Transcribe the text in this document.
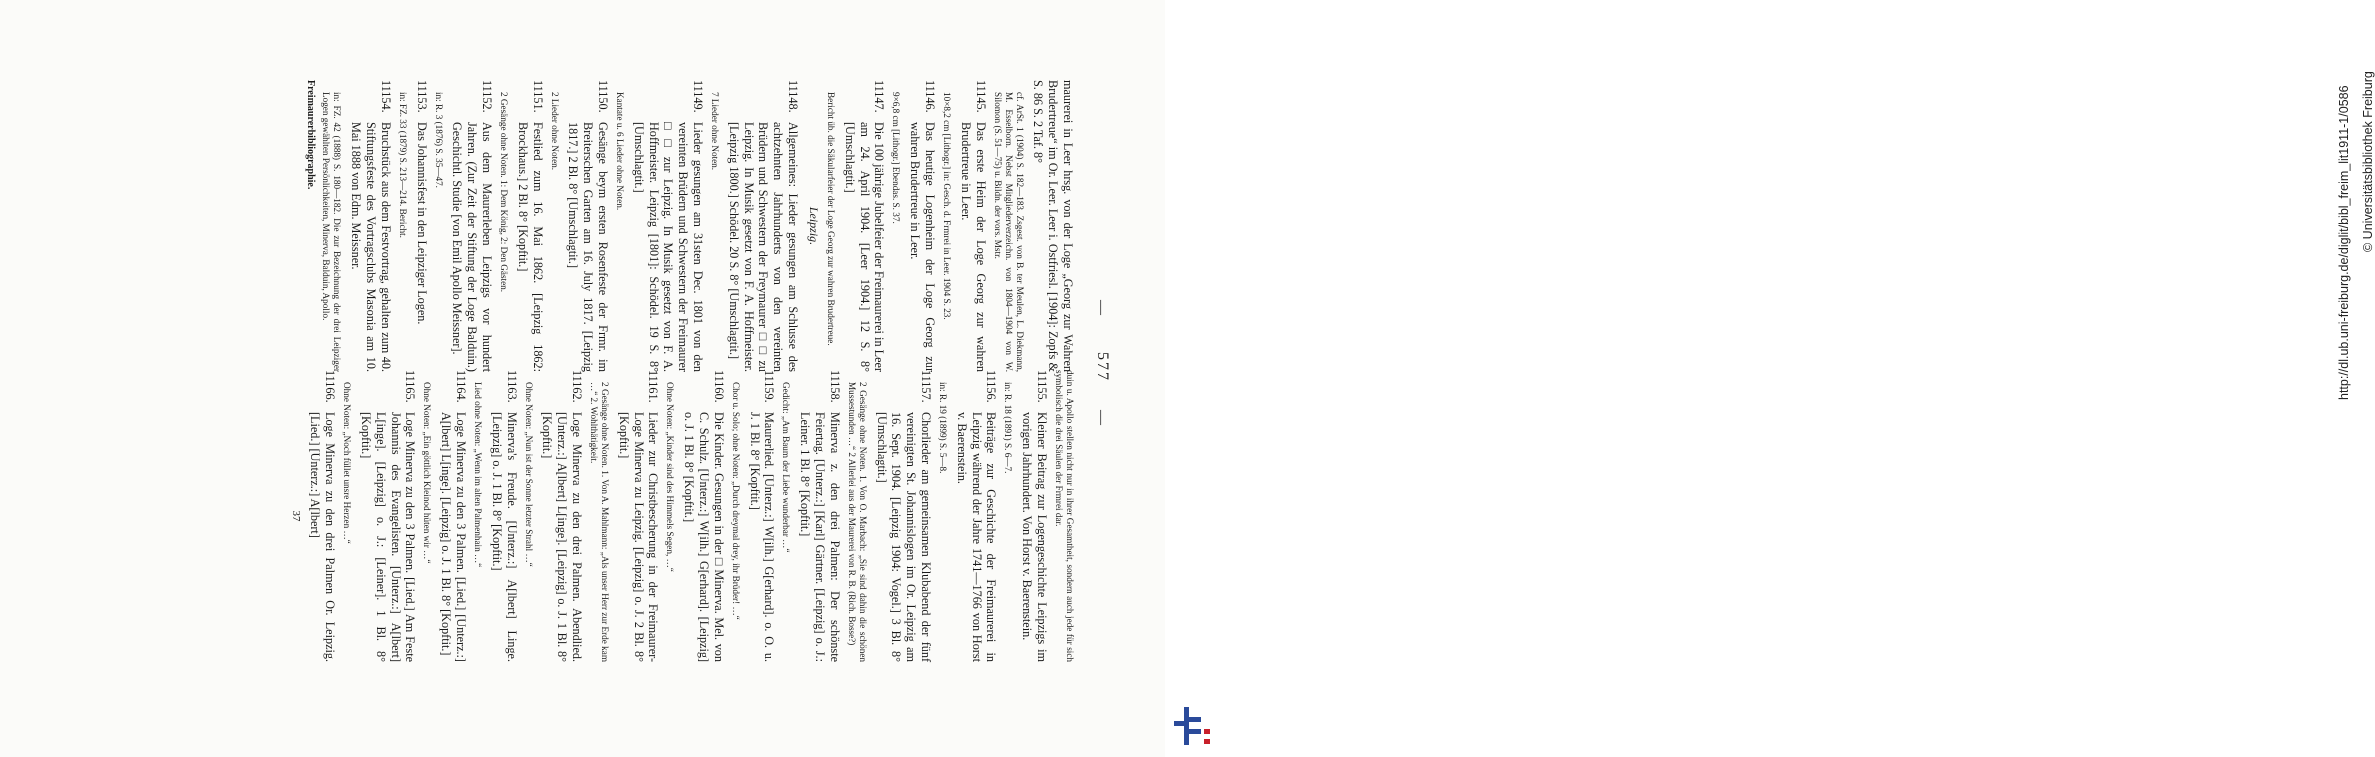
—
577
—

maurerei in Leer hrsg. von der Loge „Georg zur Wahren Brudertreue“ im Or. Leer. Leer i. Ostfriesl. [1904]: Zopfs & S. 86 S. 2 Taf. 8°

cf. ArSt. 1 (1904) S. 182—183. Zsgest. von B. ter Meulen, L. Diekmann, M. Esselborn. Nebst Mitgliederverzeichn. von 1804—1904 von W. Silomon (S. 51—75) u. Bildn. der vors. Mstr.

11145.Das erste Heim der Loge Georg zur wahren Brudertreue in Leer.

10×8,2 cm [Lithogr.] in: Gesch. d. Frmrei in Leer. 1904 S. 23.

11146.Das heutige Logenheim der Loge Georg zur wahren Brudertreue in Leer.

9×6,8 cm [Lithogr.] Ebendas. S. 37.

11147.Die 100 jährige Jubelfeier der Freimaurerei in Leer am 24. April 1904. [Leer 1904.] 12 S. 8° [Umschlagtit.]

Bericht üb. die Säkularfeier der Loge Georg zur wahren Brudertreue.

Leipzig.

11148.Allgemeines: Lieder gesungen am Schlusse des achtzehnten Jahrhunderts von den vereinten Brüdern und Schwestern der Freymaurer □ □ zu Leipzig. In Musik gesetzt von F. A. Hoffmeister. [Leipzig 1800.] Schödel. 20 S. 8° [Umschlagtit.]

7 Lieder ohne Noten.

11149.Lieder gesungen am 31sten Dec. 1801 von den vereinten Brüdern und Schwestern der Freimaurer □ □ zur Leipzig. In Musik gesetzt von F. A. Hoffmeister. Leipzig [1801]: Schödel. 19 S. 8° [Umschlagtit.]

Kantate u. 6 Lieder ohne Noten.

11150.Gesänge beym ersten Rosenfeste der Frmr. im Breiterschen Garten am 16. July 1817. [Leipzig 1817.] 2 Bl. 8° [Umschlagtit.]

2 Lieder ohne Noten.

11151.Festlied zum 16. Mai 1862. [Leipzig 1862: Brockhaus.] 2 Bl. 8° [Kopftit.]

2 Gesänge ohne Noten. 1: Dem König, 2: Den Gästen.

11152.Aus dem Maurerleben Leipzigs vor hundert Jahren. (Zur Zeit der Stiftung der Loge Balduin.) Geschichtl. Studie [von Emil Apollo Meissner].

in: R. 3 (1876) S. 35—47.

11153.Das Johannisfest in den Leipziger Logen.

in: FZ. 33 (1879) S. 213—214. Bericht.

11154.Bruchstück aus dem Festvortrag, gehalten zum 40. Stiftungsfeste des Vortragsclubs Masonia am 10. Mai 1888 von Edm. Meissner.

in: FZ. 42 (1888) S. 180—182. Die zur Bezeichnung der drei Leipziger Logen gewählten Persönlichkeiten, Minerva, Balduin, Apollo.

Freimaurerbibliographie.

duin u. Apollo stellen nicht nur in ihrer Gesamtheit, sondern auch jede für sich symbolisch die drei Säulen der Frmrei dar.

11155.Kleiner Beitrag zur Logengeschichte Leipzigs im vorigen Jahrhundert. Von Horst v. Baerenstein.

in: R. 18 (1891) S. 6—7.

11156.Beiträge zur Geschichte der Freimaurerei in Leipzig während der Jahre 1741—1766 von Horst v. Baerenstein.

in: R. 19 (1899) S. 5—8.

11157.Chorlieder am gemeinsamen Klubabend der fünf vereinigten St. Johannislogen im Or. Leipzig am 16. Sept. 1904. [Leipzig 1904: Vogel.] 3 Bl. 8° [Umschlagtit.]

2 Gesänge ohne Noten. 1. Von O. Marbach: „Sie sind dahin die schönen Mussestunden …“ 2 Allerlei aus der Maurerei von R. B. (Rich. Bosse?)

11158.Minerva z. den drei Palmen: Der schönste Feiertag. [Unterz.:] [Karl] Gärtner. [Leipzig] o. J.: Leiner. 1 Bl. 8° [Kopftit.]

Gedicht: „Am Baum der Liebe wunderbar …“

11159.Maurerlied. [Unterz.:] W[ilh.] G[erhard]. o. O. u. J. 1 Bl. 8° [Kopftit.]

Chor u. Solo; ohne Noten: „Durch dreymal drey, ihr Brüder! …“

11160.Die Kinder. Gesungen in der □ Minerva. Mel. von C. Schulz. [Unterz.:] W[ilh.] G[erhard]. [Leipzig] o. J. 1 Bl. 8° [Kopftit.]

Ohne Noten: „Kinder sind des Himmels Segen, …“

11161.Lieder zur Christbescherung in der Freimaurer-Loge Minerva zu Leipzig. [Leipzig] o. J. 2 Bl. 8° [Kopftit.]

2 Gesänge ohne Noten. 1. Von A. Mahlmann: „Als unser Herr zur Erde kam …“ 2. Wohlthätigkeit.

11162.Loge Minerva zu den drei Palmen. Abendlied. [Unterz.:] A[lbert] L[inge]. [Leipzig] o. J. 1 Bl. 8° [Kopftit.]

Ohne Noten: „Nun ist der Sonne letzter Strahl …“

11163.Minerva's Freude. [Unterz.:] A[lbert] Linge. [Leipzig] o. J. 1 Bl. 8° [Kopftit.]

Lied ohne Noten: „Wenn im alten Palmenhain …“

11164.Loge Minerva zu den 3 Palmen. [Lied.] [Unterz.:] A[lbert] L[inge]. [Leipzig] o. J. 1 Bl. 8° [Kopftit.]

Ohne Noten: „Ein göttlich Kleinod hüten wir …“

11165.Loge Minerva zu den 3 Palmen. [Lied.] Am Feste Johannis des Evangelisten. [Unterz.:] A[lbert] L[inge]. [Leipzig] o. J.: [Leiner]. 1 Bl. 8° [Kopftit.]

Ohne Noten: „Noch füllet unsre Herzen …“

11166.Loge Minerva zu den drei Palmen Or. Leipzig. [Lied.] [Unterz.:] A[lbert]

37
http://dl.ub.uni-freiburg.de/diglit/bibl_freim_lit1911-1/0586 © Universitätsbibliothek Freiburg
